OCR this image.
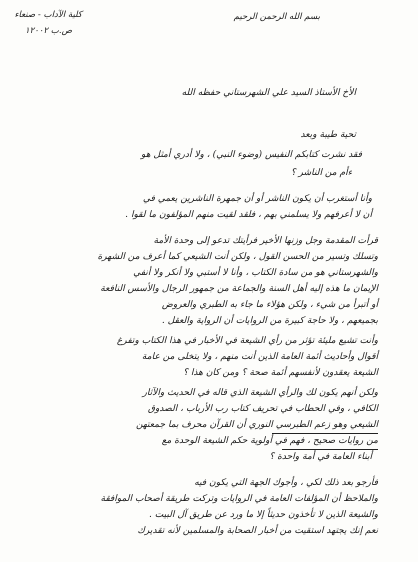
بسم الله الرحمن الرحيم
كلية الآداب - صنعاء
ص.ب ١٢٠٠٢
الأخ الأستاذ السيد علي الشهرستاني حفظه الله
تحية طيبة وبعد
فقد نشرت كتابكم النفيس (وضوء النبي) ، ولا أدري أمثل هو
ءأم من الناشر ؟
وأنا أستغرب أن يكون الناشر أو أن جمهرة الناشرين يعمي في
أن لا أعرفهم ولا يسلمني بهم ، فلقد لقيت منهم المؤلفون ما لقوا .
قرأت المقدمة وجل وزنها الأخير فرأيتك تدعو إلى وحدة الأمة
وتسلك وتسير من الحسن القول ، ولكن أنت الشيعي كما أعرف من الشهرة
والشهرستاني هو من سادة الكتاب ، وأنا لا أستبي ولا أنكر ولا أنفي
الإيمان ما هذه إليه أهل السنة والجماعة من جمهور الرجال والأسس النافعة
أو أتبرأ من شيء ، ولكن هؤلاء ما جاء به الطبري والعروض
بجميعهم ، ولا حاجة كبيرة من الروايات أن الرواية والعقل .
وأنت تشيع مليئة تؤثر من رأي الشيعة في الأخبار في هذا الكتاب وتفرغ
أقوال وأحاديث أئمة العامة الذين أنت منهم ، ولا يتخلى من عامة
الشيعة يعقدون لأنفسهم أئمة صحة ؟ ومن كان هذا ؟
ولكن أنهم يكون لك والرأي الشيعة الذي قاله في الحديث والآثار
الكافي ، وفي الحطاب في تحريف كتاب رب الأرباب ، الصدوق
الشيعي وهو زعم الطبرسي النوري أن القرآن محرف بما جمعتهن
من روايات صحيح ، فهم في أولوية حكم الشيعة الوحدة مع
أبناء العامة في أمة واحدة ؟
فأرجو بعد ذلك لكي ، وأجوك الجهة التي يكون فيه
والملاحظ أن المؤلفات العامة في الروايات وتركت طريقة أصحاب الموافقة
والشيعة الذين لا تأخذون حديثاً إلا ما ورد عن طريق آل البيت .
نعم إنك يجتهد استقيت من أخبار الصحابة والمسلمين لأنه تقديرك
